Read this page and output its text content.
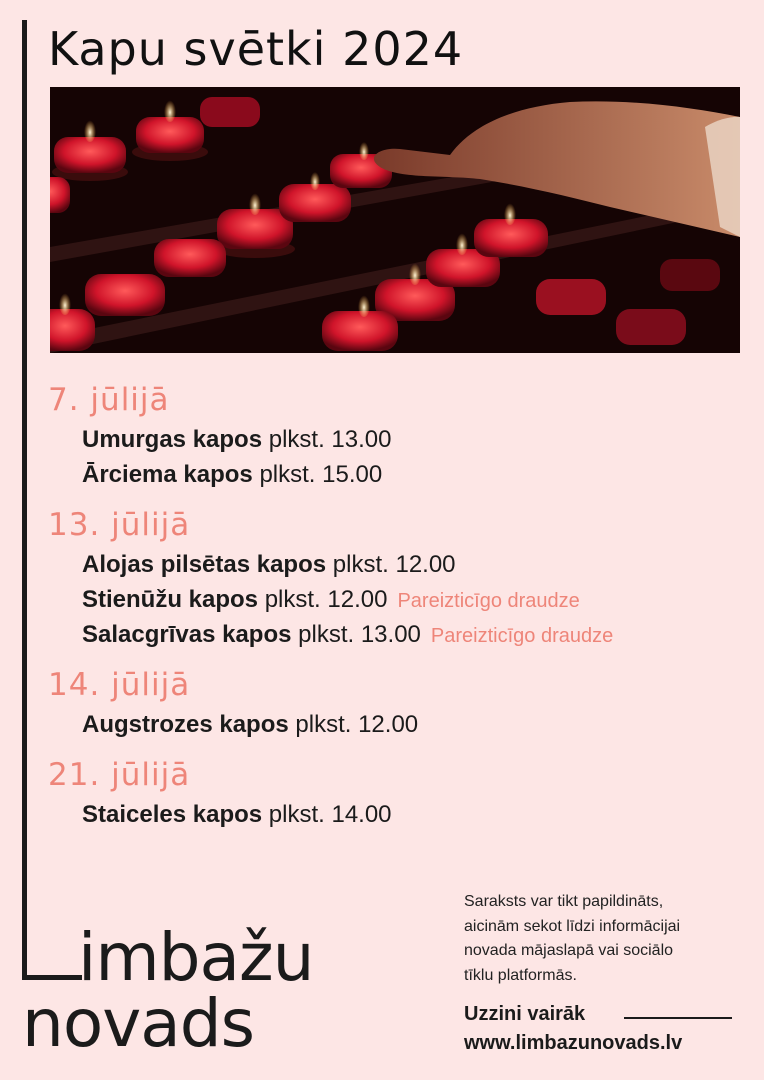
Kapu svētki 2024
7. jūlijā
Umurgas kapos plkst. 13.00
Ārciema kapos plkst. 15.00
13. jūlijā
Alojas pilsētas kapos plkst. 12.00
Stienūžu kapos plkst. 12.00 Pareizticīgo draudze
Salacgrīvas kapos plkst. 13.00 Pareizticīgo draudze
14. jūlijā
Augstrozes kapos plkst. 12.00
21. jūlijā
Staiceles kapos plkst. 14.00
imbažu
novads
Saraksts var tikt papildināts,
aicinām sekot līdzi informācijai
novada mājaslapā vai sociālo
tīklu platformās.
Uzzini vairāk
www.limbazunovads.lv
